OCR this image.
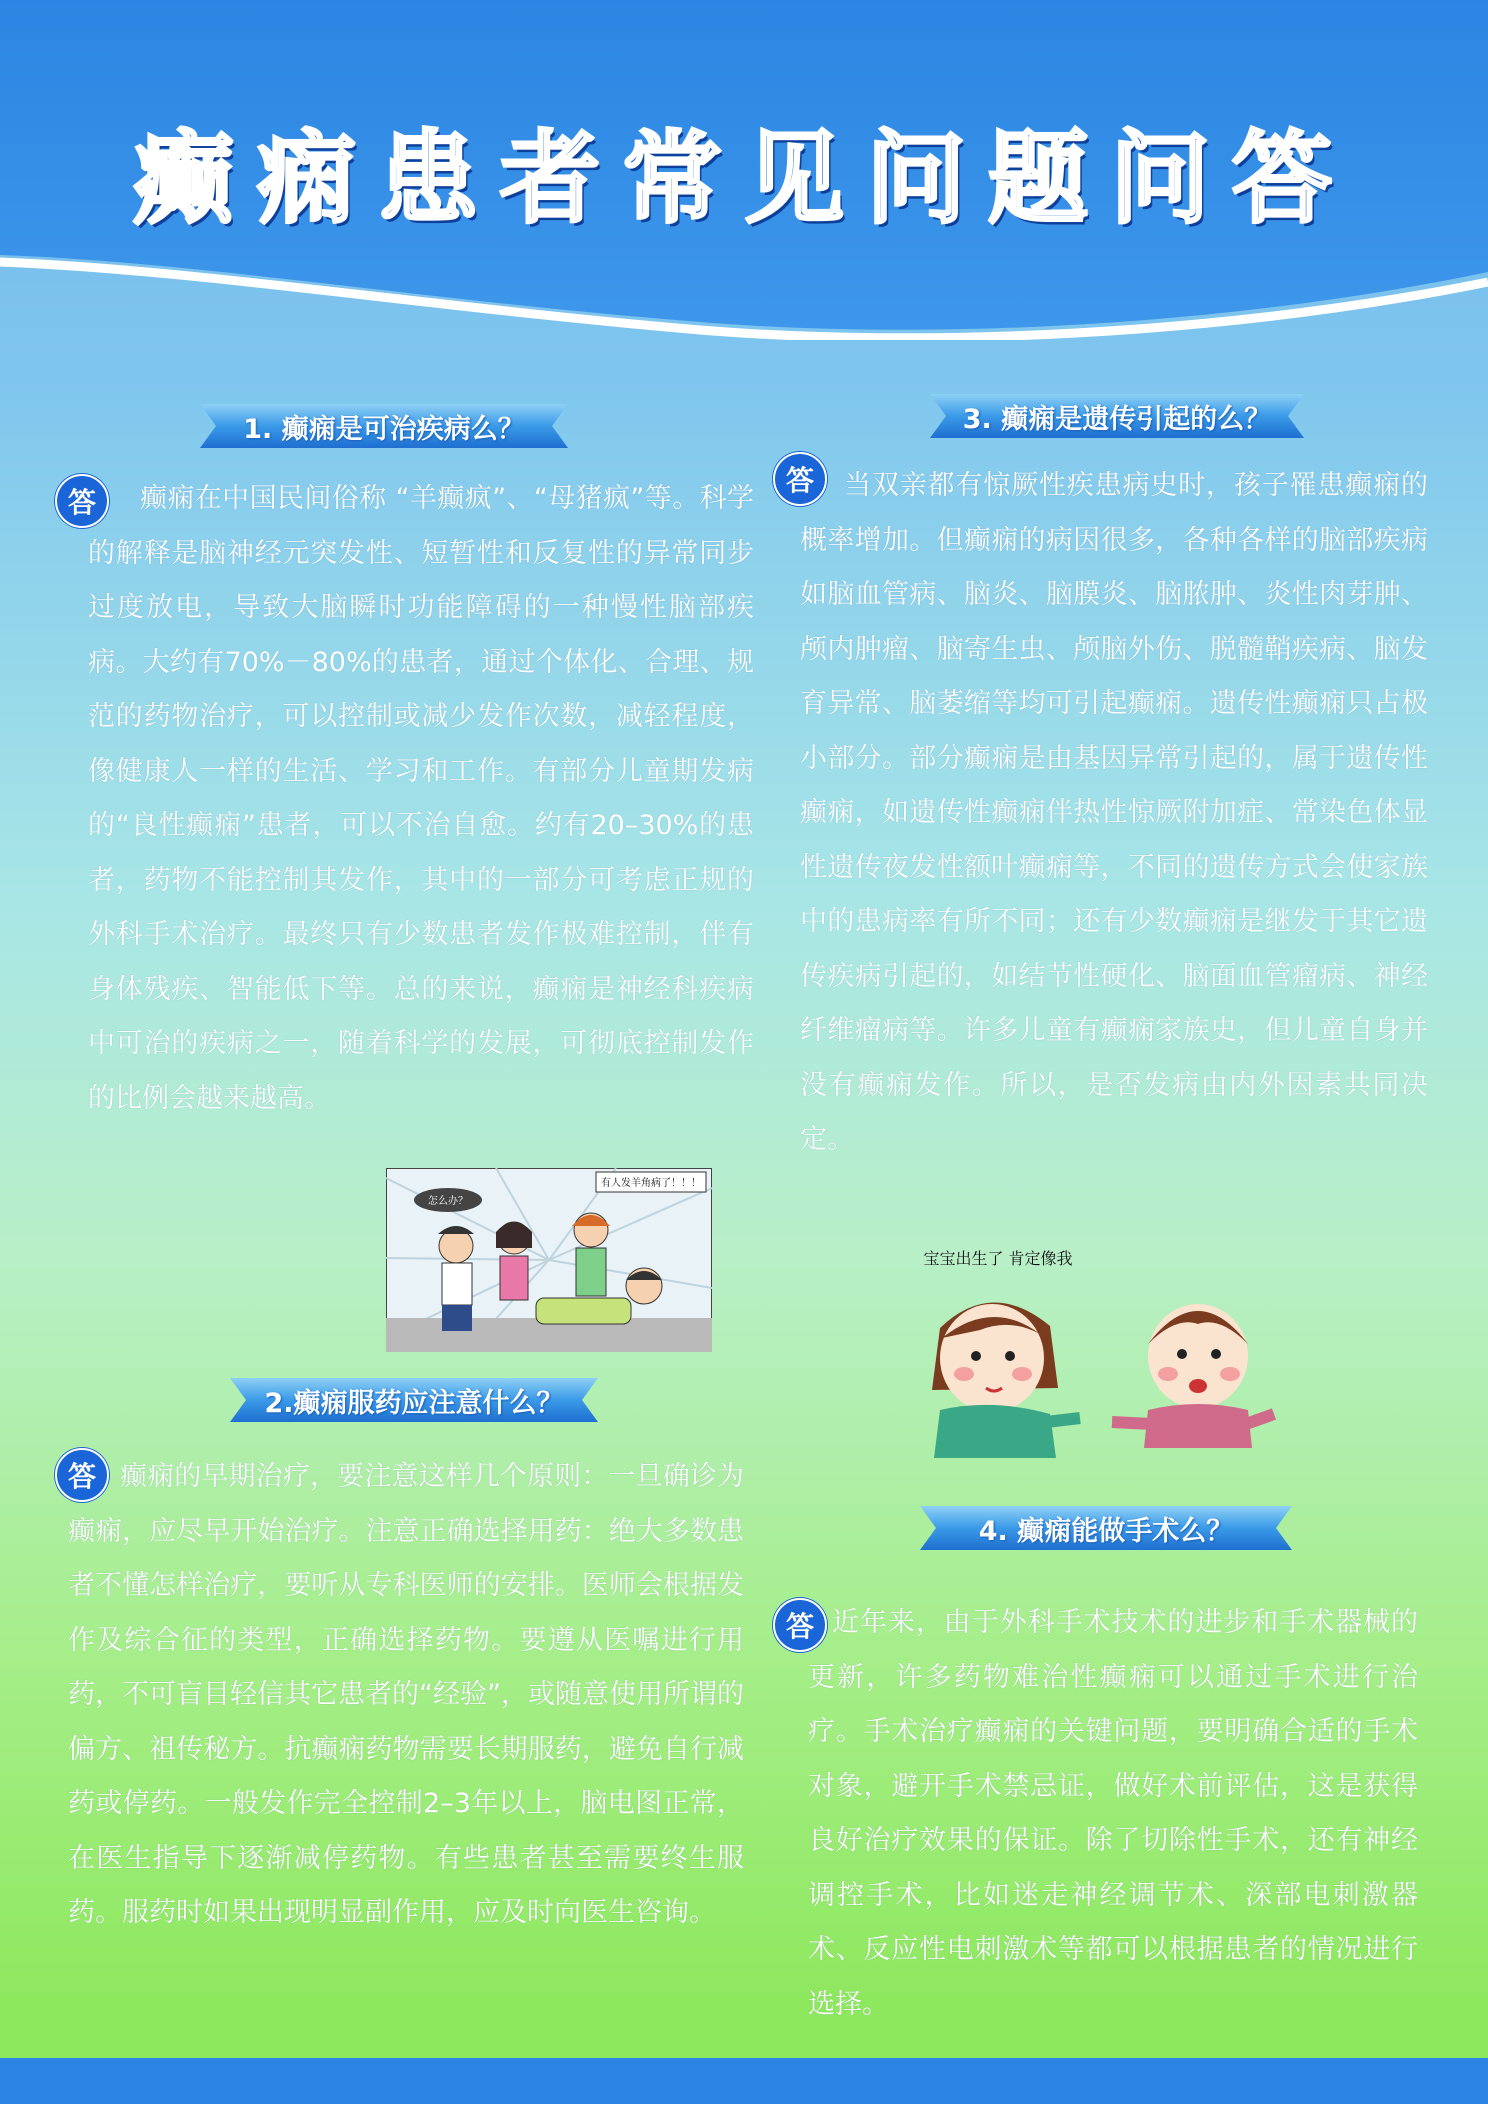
癫痫患者常见问题问答
1. 癫痫是可治疾病么？
答	癫痫在中国民间俗称 “羊癫疯”、“母猪疯”等。科学的解释是脑神经元突发性、短暂性和反复性的异常同步过度放电，导致大脑瞬时功能障碍的一种慢性脑部疾病。大约有70%－80%的患者，通过个体化、合理、规范的药物治疗，可以控制或减少发作次数，减轻程度，像健康人一样的生活、学习和工作。有部分儿童期发病的“良性癫痫”患者，可以不治自愈。约有20–30%的患者，药物不能控制其发作，其中的一部分可考虑正规的外科手术治疗。最终只有少数患者发作极难控制，伴有身体残疾、智能低下等。总的来说，癫痫是神经科疾病中可治的疾病之一，随着科学的发展，可彻底控制发作的比例会越来越高。
有人发羊角病了！！！
怎么办？
2.癫痫服药应注意什么？
答 癫痫的早期治疗，要注意这样几个原则：一旦确诊为癫痫，应尽早开始治疗。注意正确选择用药：绝大多数患者不懂怎样治疗，要听从专科医师的安排。医师会根据发作及综合征的类型，正确选择药物。要遵从医嘱进行用药，不可盲目轻信其它患者的“经验”，或随意使用所谓的偏方、祖传秘方。抗癫痫药物需要长期服药，避免自行减药或停药。一般发作完全控制2–3年以上，脑电图正常，在医生指导下逐渐减停药物。有些患者甚至需要终生服药。服药时如果出现明显副作用，应及时向医生咨询。
3. 癫痫是遗传引起的么？
答	当双亲都有惊厥性疾患病史时，孩子罹患癫痫的概率增加。但癫痫的病因很多，各种各样的脑部疾病如脑血管病、脑炎、脑膜炎、脑脓肿、炎性肉芽肿、颅内肿瘤、脑寄生虫、颅脑外伤、脱髓鞘疾病、脑发育异常、脑萎缩等均可引起癫痫。遗传性癫痫只占极小部分。部分癫痫是由基因异常引起的，属于遗传性癫痫，如遗传性癫痫伴热性惊厥附加症、常染色体显性遗传夜发性额叶癫痫等，不同的遗传方式会使家族中的患病率有所不同；还有少数癫痫是继发于其它遗传疾病引起的，如结节性硬化、脑面血管瘤病、神经纤维瘤病等。许多儿童有癫痫家族史，但儿童自身并没有癫痫发作。所以，是否发病由内外因素共同决定。
宝宝出生了 肯定像我
4. 癫痫能做手术么？
答 近年来，由于外科手术技术的进步和手术器械的更新，许多药物难治性癫痫可以通过手术进行治疗。手术治疗癫痫的关键问题，要明确合适的手术对象，避开手术禁忌证，做好术前评估，这是获得良好治疗效果的保证。除了切除性手术，还有神经调控手术，比如迷走神经调节术、深部电刺激器术、反应性电刺激术等都可以根据患者的情况进行选择。
